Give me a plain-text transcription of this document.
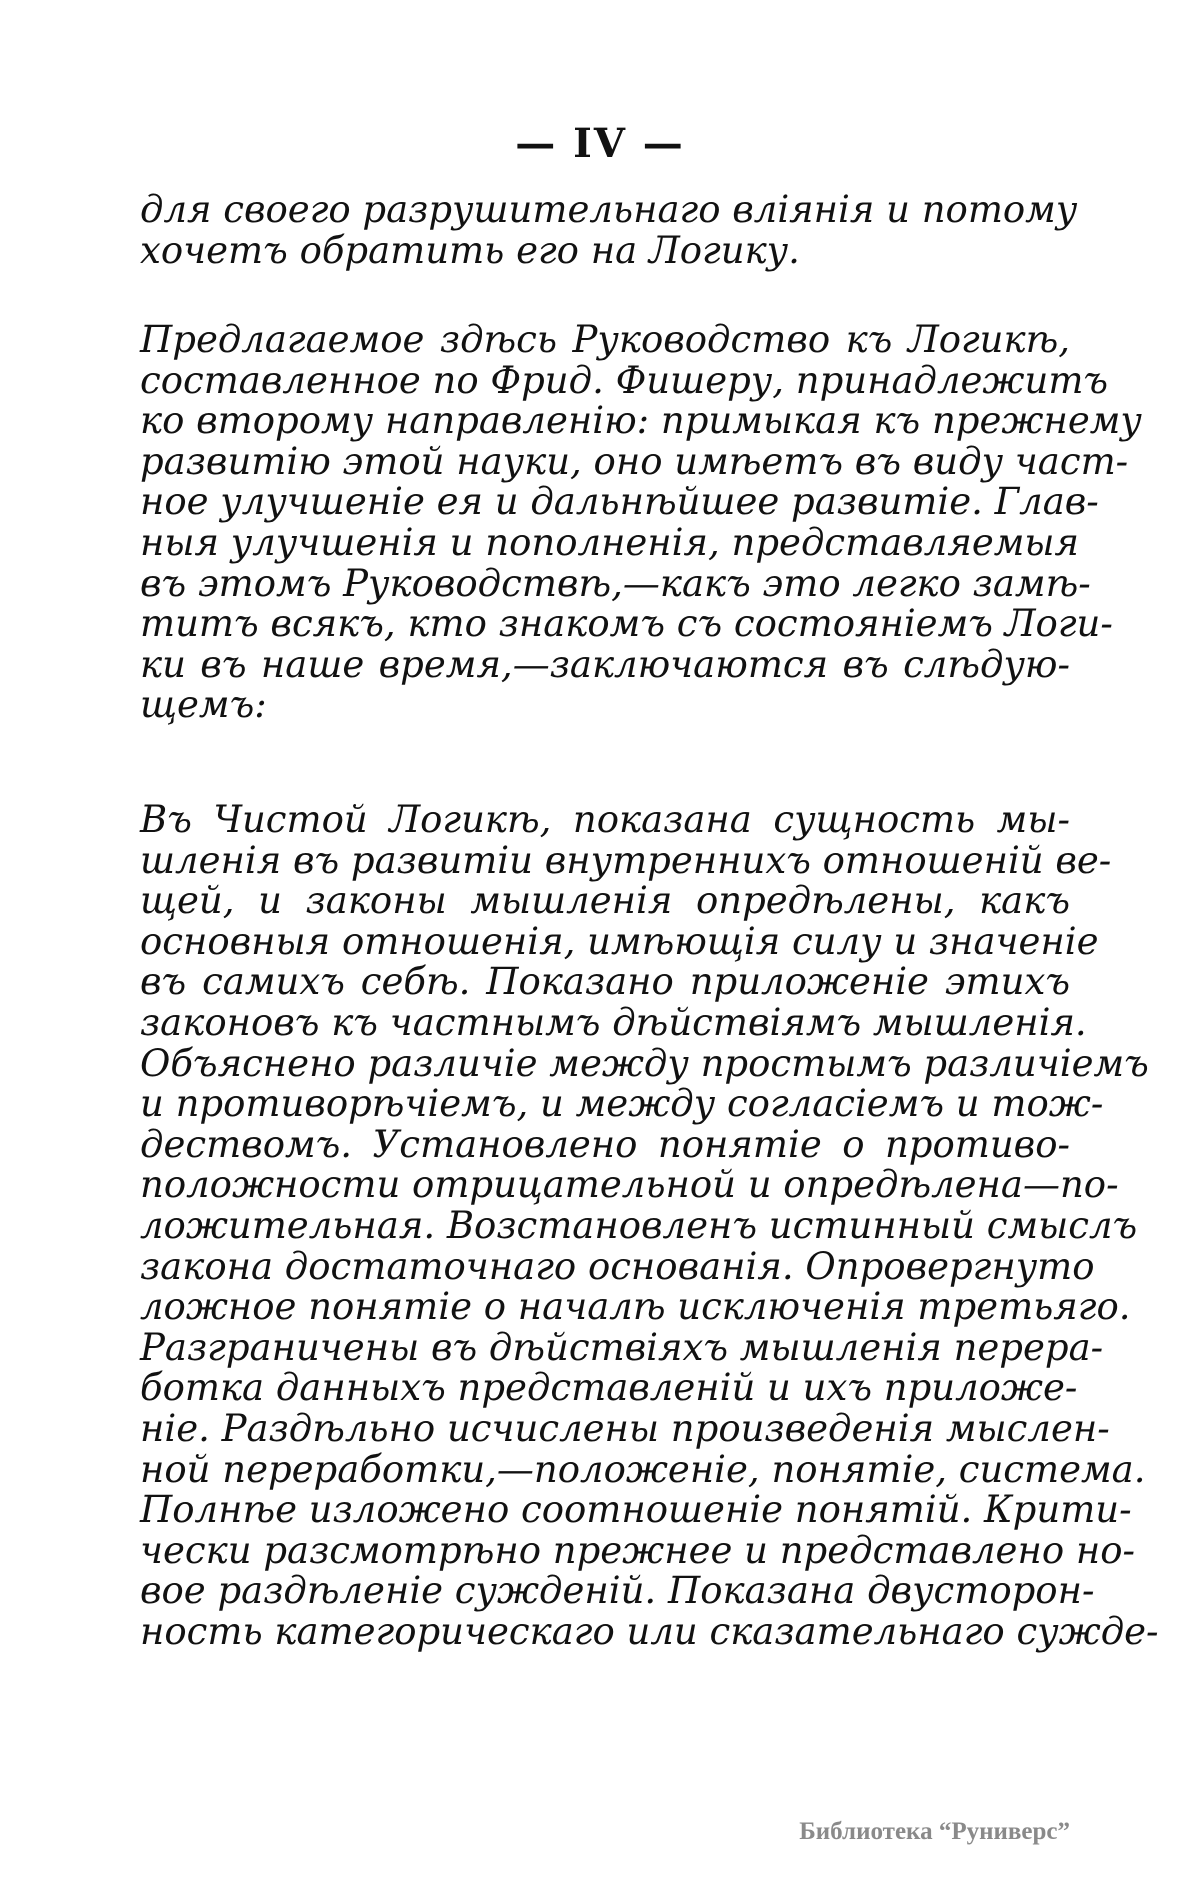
— IV —
для своего разрушительнаго вліянія и потому
хочетъ обратить его на Логику.
Предлагаемое здѣсь Руководство къ Логикѣ,
составленное по Фрид. Фишеру, принадлежитъ
ко второму направленію: примыкая къ прежнему
развитію этой науки, оно имѣетъ въ виду част-
ное улучшеніе ея и дальнѣйшее развитіе. Глав-
ныя улучшенія и пополненія, представляемыя
въ этомъ Руководствѣ,—какъ это легко замѣ-
титъ всякъ, кто знакомъ съ состояніемъ Логи-
ки въ наше время,—заключаются въ слѣдую-
щемъ:
Въ Чистой Логикѣ, показана сущность мы-
шленія въ развитіи внутреннихъ отношеній ве-
щей, и законы мышленія опредѣлены, какъ
основныя отношенія, имѣющія силу и значеніе
въ самихъ себѣ. Показано приложеніе этихъ
законовъ къ частнымъ дѣйствіямъ мышленія.
Объяснено различіе между простымъ различіемъ
и противорѣчіемъ, и между согласіемъ и тож-
дествомъ. Установлено понятіе о противо-
положности отрицательной и опредѣлена—по-
ложительная. Возстановленъ истинный смыслъ
закона достаточнаго основанія. Опровергнуто
ложное понятіе о началѣ исключенія третьяго.
Разграничены въ дѣйствіяхъ мышленія перера-
ботка данныхъ представленій и ихъ приложе-
ніе. Раздѣльно исчислены произведенія мыслен-
ной переработки,—положеніе, понятіе, система.
Полнѣе изложено соотношеніе понятій. Крити-
чески разсмотрѣно прежнее и представлено но-
вое раздѣленіе сужденій. Показана двусторон-
ность категорическаго или сказательнаго сужде-
Библиотека “Руниверс”
